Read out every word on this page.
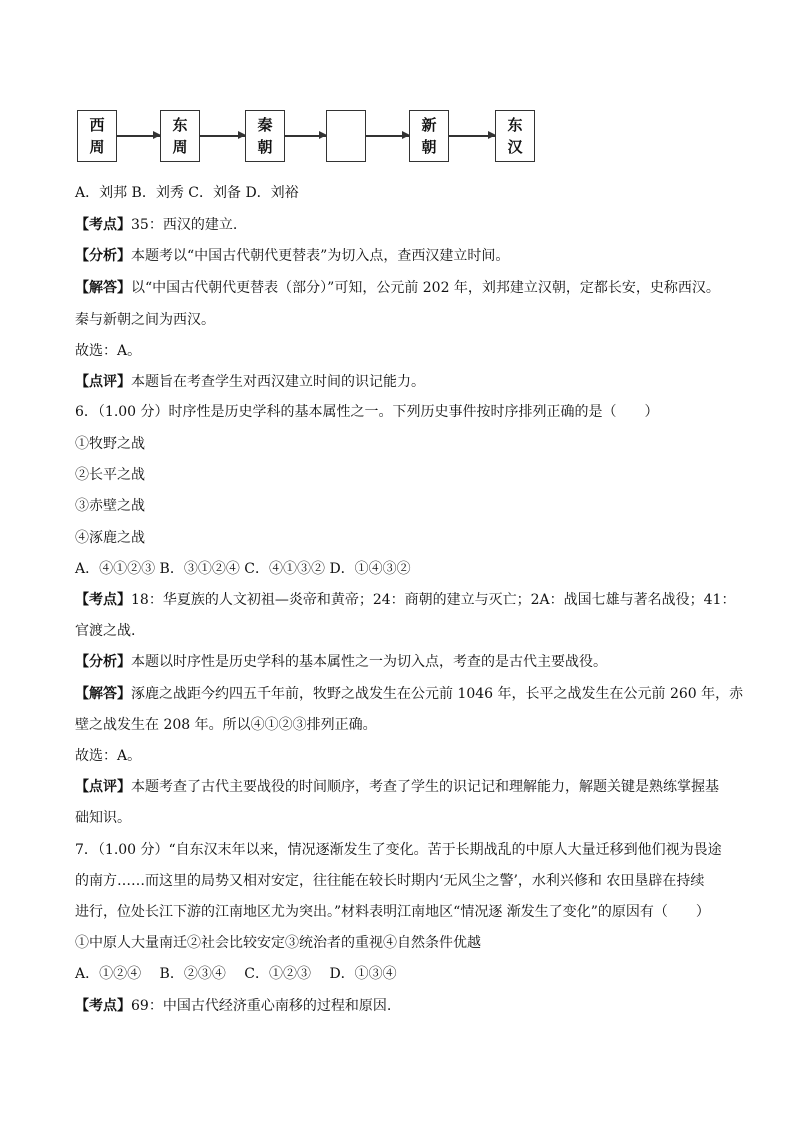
西
周
东
周
秦
朝
新
朝
东
汉
A．刘邦 B．刘秀 C．刘备 D．刘裕
【考点】35：西汉的建立.
【分析】本题考以“中国古代朝代更替表”为切入点，查西汉建立时间。
【解答】以“中国古代朝代更替表（部分）”可知，公元前 202 年，刘邦建立汉朝，定都长安，史称西汉。
秦与新朝之间为西汉。
故选：A。
【点评】本题旨在考查学生对西汉建立时间的识记能力。
6．（1.00 分）时序性是历史学科的基本属性之一。下列历史事件按时序排列正确的是（　　）
①牧野之战
②长平之战
③赤壁之战
④涿鹿之战
A．④①②③ B．③①②④ C．④①③② D．①④③②
【考点】18：华夏族的人文初祖—炎帝和黄帝；24：商朝的建立与灭亡；2A：战国七雄与著名战役；41：
官渡之战.
【分析】本题以时序性是历史学科的基本属性之一为切入点，考查的是古代主要战役。
【解答】涿鹿之战距今约四五千年前，牧野之战发生在公元前 1046 年，长平之战发生在公元前 260 年，赤
壁之战发生在 208 年。所以④①②③排列正确。
故选：A。
【点评】本题考查了古代主要战役的时间顺序，考查了学生的识记记和理解能力，解题关键是熟练掌握基
础知识。
7．（1.00 分）“自东汉末年以来，情况逐渐发生了变化。苦于长期战乱的中原人大量迁移到他们视为畏途
的南方……而这里的局势又相对安定，往往能在较长时期内‘无风尘之警’，水利兴修和 农田垦辟在持续
进行，位处长江下游的江南地区尤为突出。”材料表明江南地区“情况逐 渐发生了变化”的原因有（　　）
①中原人大量南迁②社会比较安定③统治者的重视④自然条件优越
A．①②④　 B．②③④　 C．①②③　 D．①③④
【考点】69：中国古代经济重心南移的过程和原因.
